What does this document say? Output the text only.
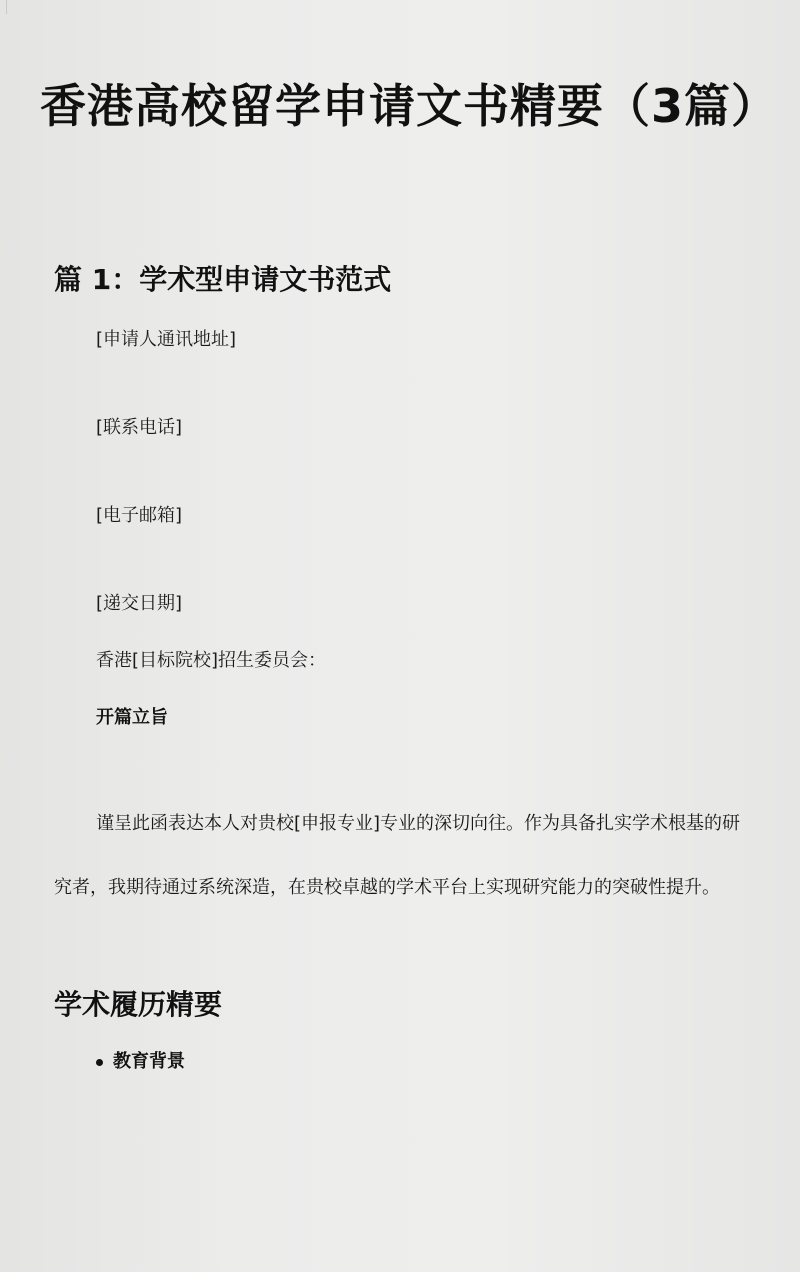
香港高校留学申请文书精要（3篇）
篇 1：学术型申请文书范式
[申请人通讯地址]
[联系电话]
[电子邮箱]
[递交日期]
香港[目标院校]招生委员会：
开篇立旨

谨呈此函表达本人对贵校[申报专业]专业的深切向往。作为具备扎实学术根基的研究者，我期待通过系统深造，在贵校卓越的学术平台上实现研究能力的突破性提升。

学术履历精要
教育背景
